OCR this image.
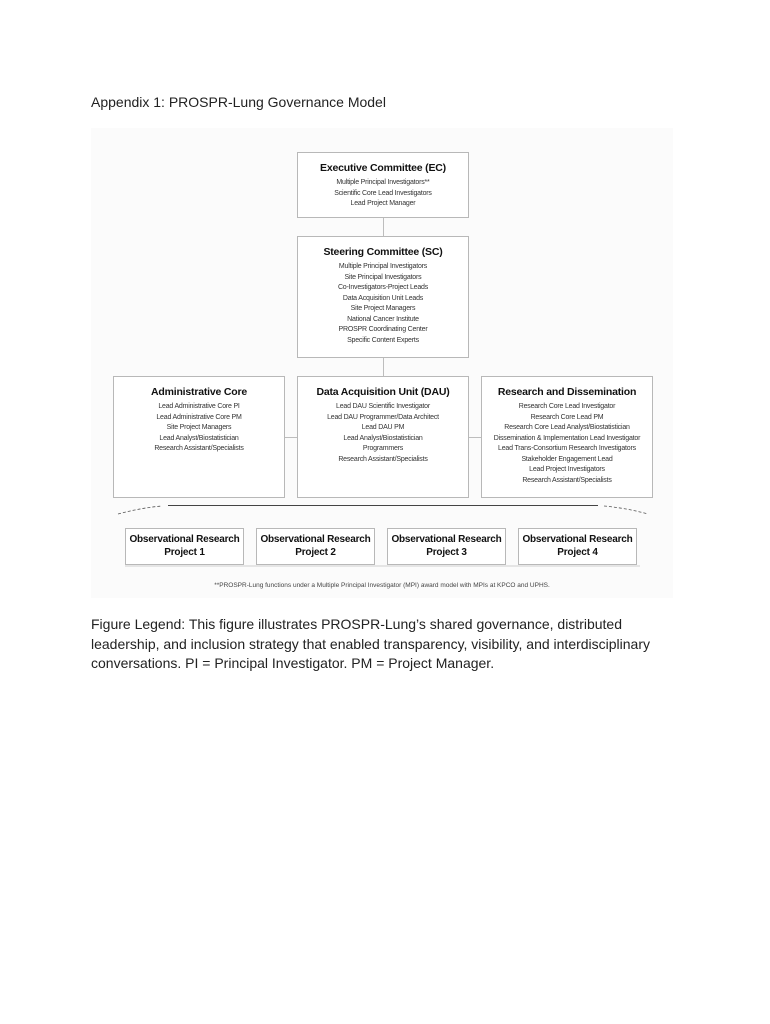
Appendix 1: PROSPR-Lung Governance Model
Executive Committee (EC)
Multiple Principal Investigators**
Scientific Core Lead Investigators
Lead Project Manager
Steering Committee (SC)
Multiple Principal Investigators
Site Principal Investigators
Co-Investigators-Project Leads
Data Acquisition Unit Leads
Site Project Managers
National Cancer Institute
PROSPR Coordinating Center
Specific Content Experts
Administrative Core
Lead Administrative Core PI
Lead Administrative Core PM
Site Project Managers
Lead Analyst/Biostatistician
Research Assistant/Specialists
Data Acquisition Unit (DAU)
Lead DAU Scientific Investigator
Lead DAU Programmer/Data Architect
Lead DAU PM
Lead Analyst/Biostatistician
Programmers
Research Assistant/Specialists
Research and Dissemination
Research Core Lead Investigator
Research Core Lead PM
Research Core Lead Analyst/Biostatistician
Dissemination & Implementation Lead Investigator
Lead Trans-Consortium Research Investigators
Stakeholder Engagement Lead
Lead Project Investigators
Research Assistant/Specialists
Observational Research
Project 1
Observational Research
Project 2
Observational Research
Project 3
Observational Research
Project 4
**PROSPR-Lung functions under a Multiple Principal Investigator (MPI) award model with MPIs at KPCO and UPHS.
Figure Legend: This figure illustrates PROSPR-Lung’s shared governance, distributed leadership, and inclusion strategy that enabled transparency, visibility, and interdisciplinary conversations. PI = Principal Investigator. PM = Project Manager.
